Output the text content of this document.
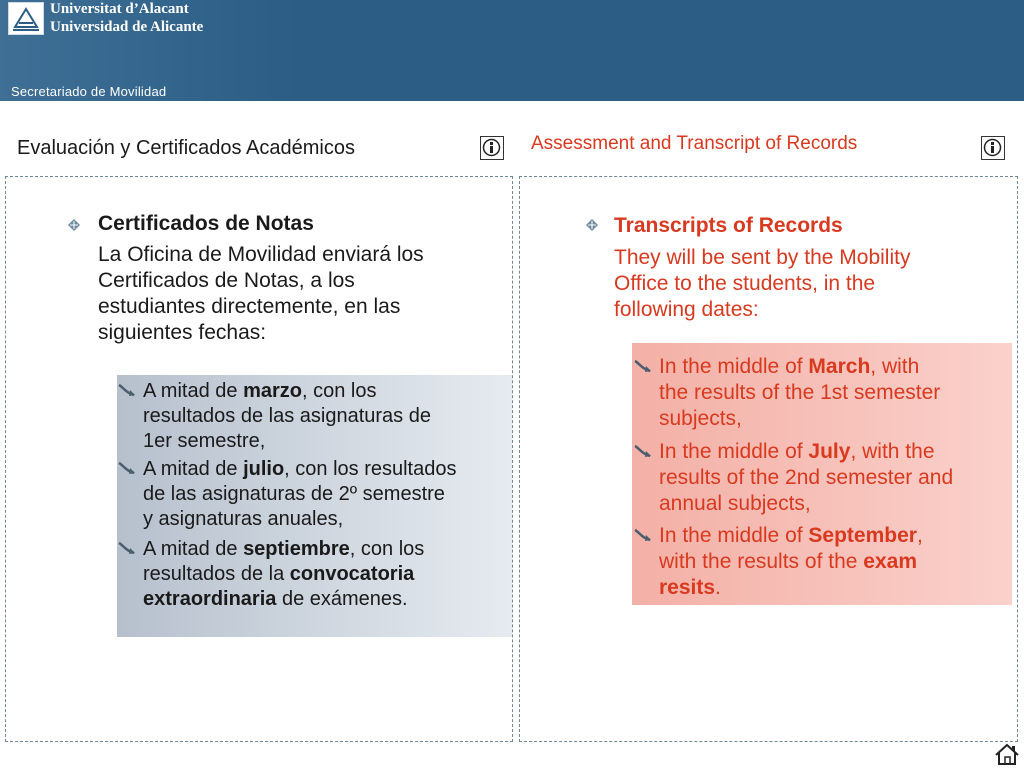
Universitat d’Alacant
Universidad de Alicante
Secretariado de Movilidad
Evaluación y Certificados Académicos	Assessment and Transcript of Records
Certificados de Notas
La Oficina de Movilidad enviará los
Certificados de Notas, a los
estudiantes directemente, en las
siguientes fechas:
A mitad de marzo, con los
resultados de las asignaturas de
1er semestre,
A mitad de julio, con los resultados
de las asignaturas de 2º semestre
y asignaturas anuales,
A mitad de septiembre, con los
resultados de la convocatoria
extraordinaria de exámenes.
Transcripts of Records
They will be sent by the Mobility
Office to the students, in the
following dates:
In the middle of March, with
the results of the 1st semester
subjects,
In the middle of July, with the
results of the 2nd semester and
annual subjects,
In the middle of September,
with the results of the exam
resits.
